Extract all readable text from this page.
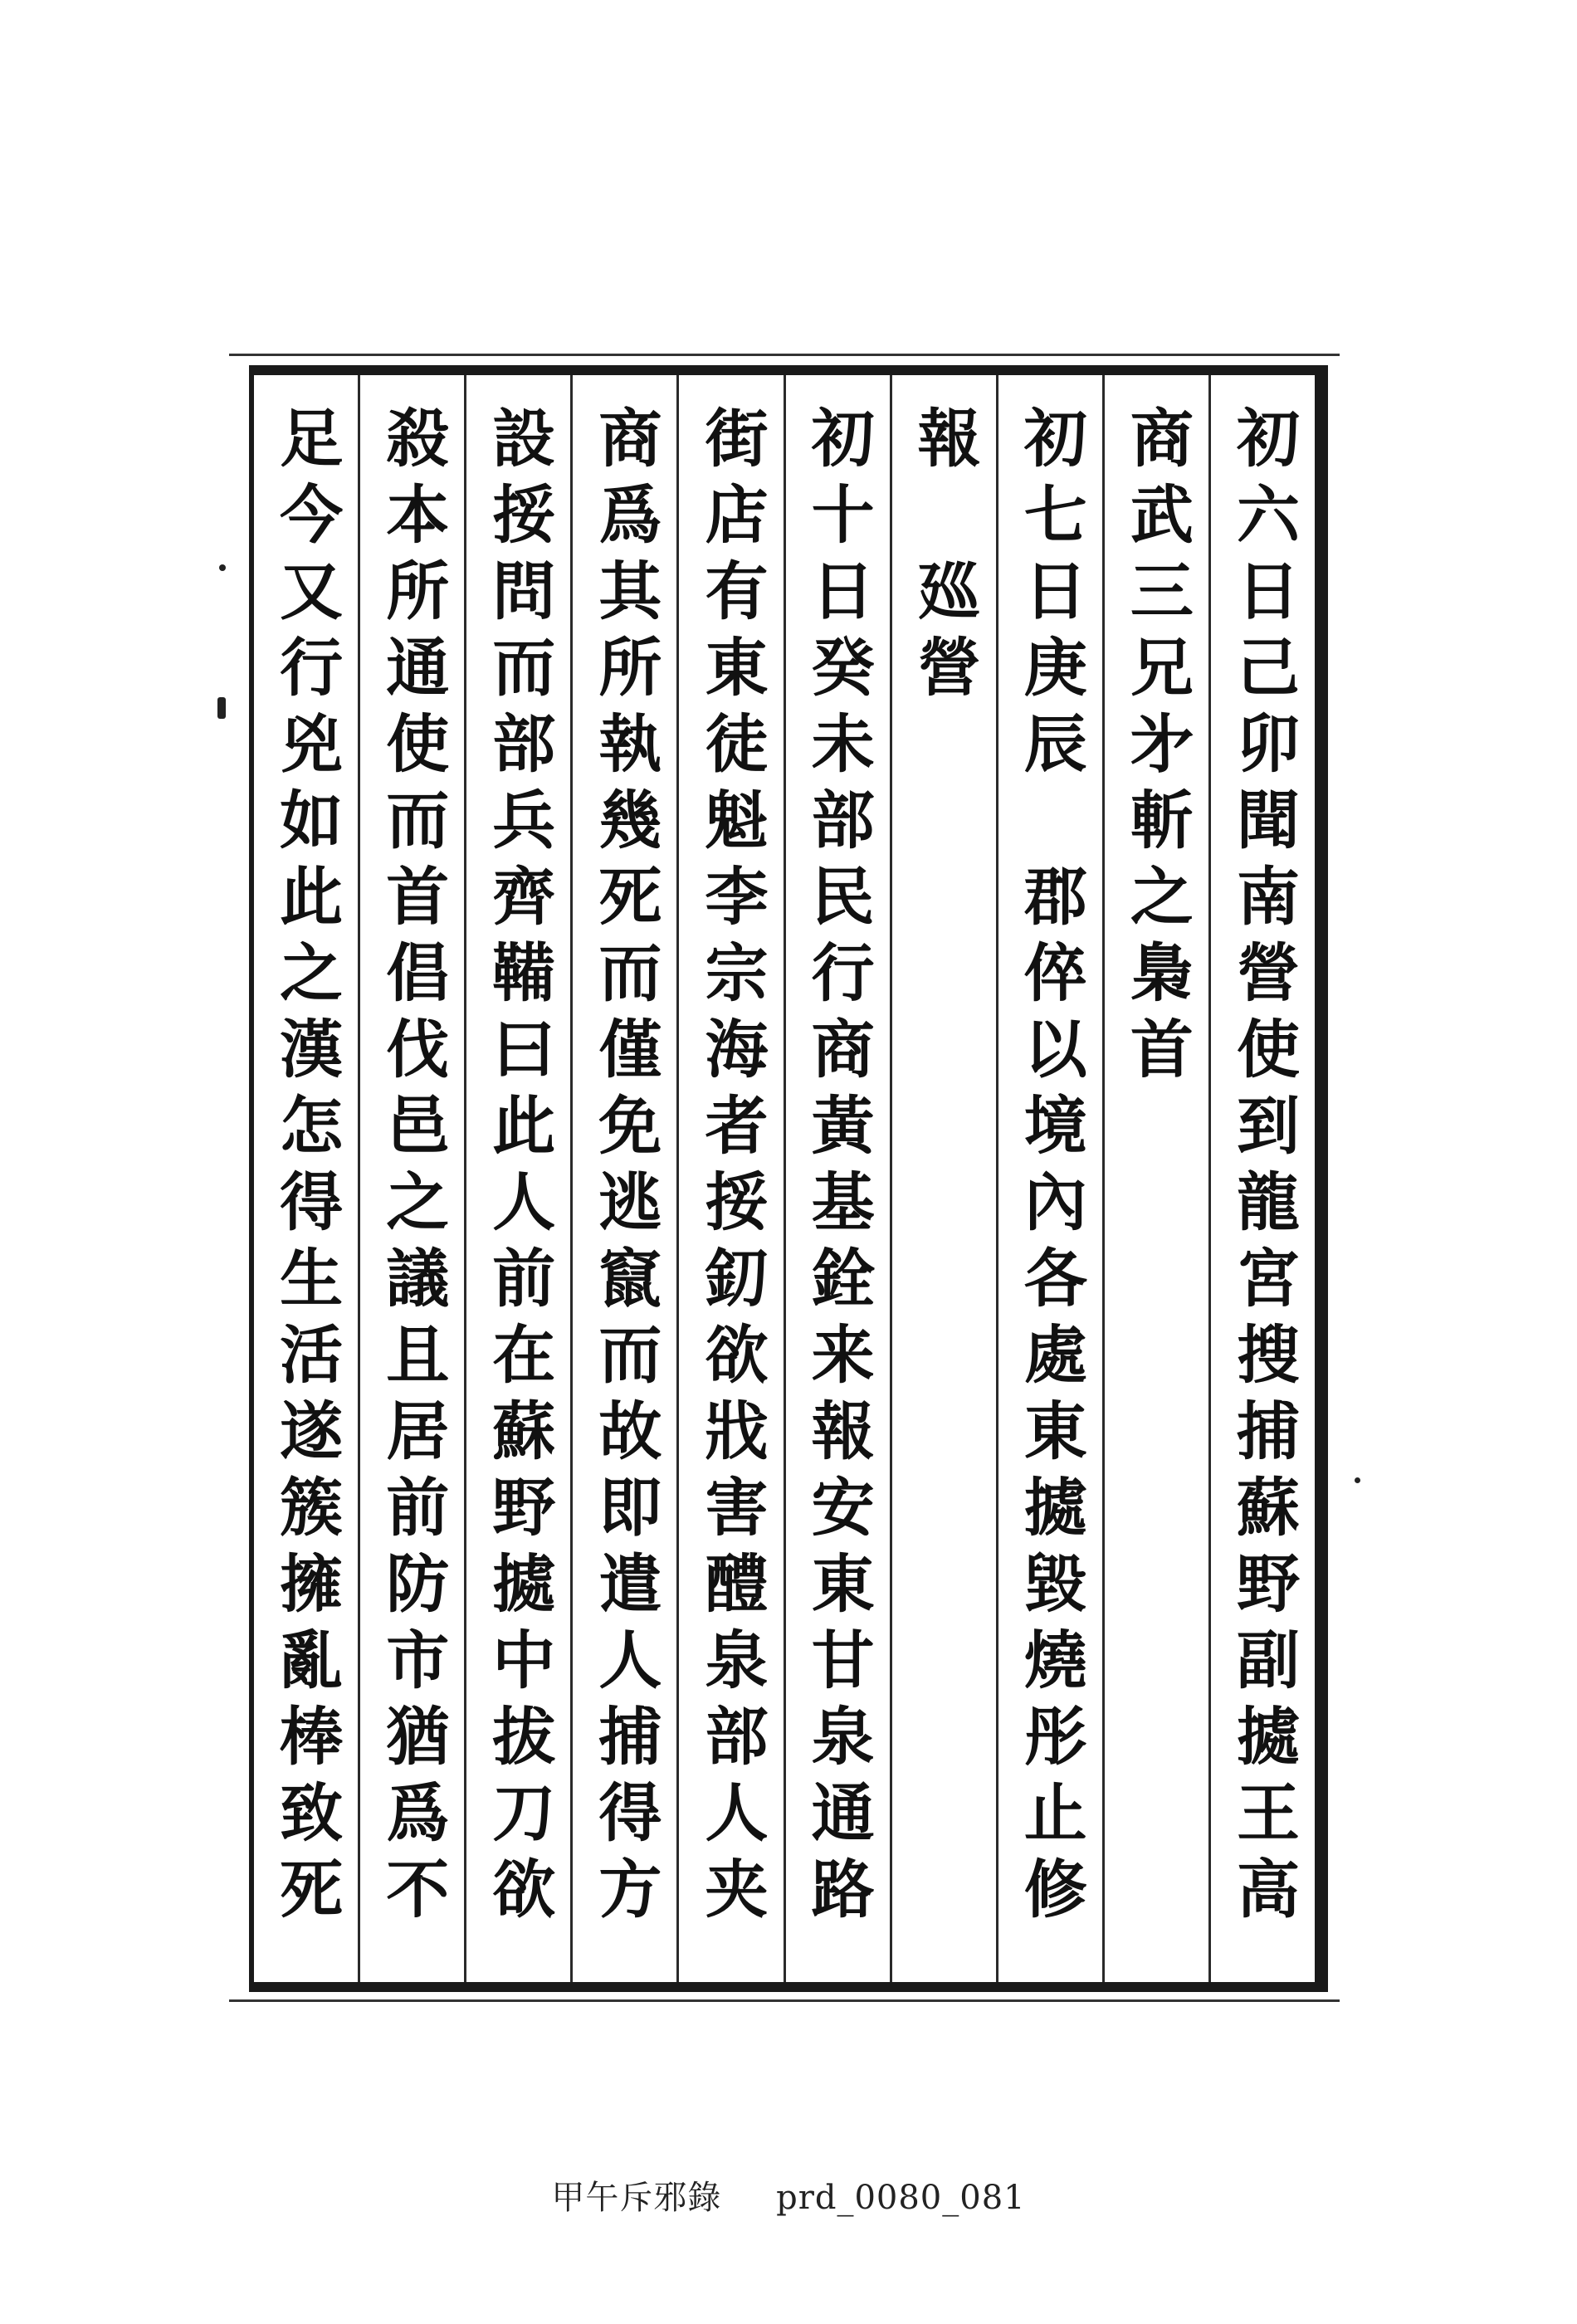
初六日己卯聞南營使到龍宮搜捕蘇野副㨿王高
商武三兄㐧斬之梟首
初七日庚辰　郡倅以境內各處東㨿毀燒彤止修
報　廵營
初十日癸未部民行商黃基銓来報安東甘泉通路
街店有東徒魁李宗海者挼釖欲戕害醴泉部人夹
商爲其所執幾死而僅免逃竄而故即遣人捕得方
設挼問而部兵齊鞴曰此人前在蘇野㨿中拔刀欲
殺本所通使而首倡伐邑之議且居前防市猶爲不
足今又行兇如此之漢怎得生活遂簇擁亂棒致死
甲午斥邪錄 prd_0080_081
